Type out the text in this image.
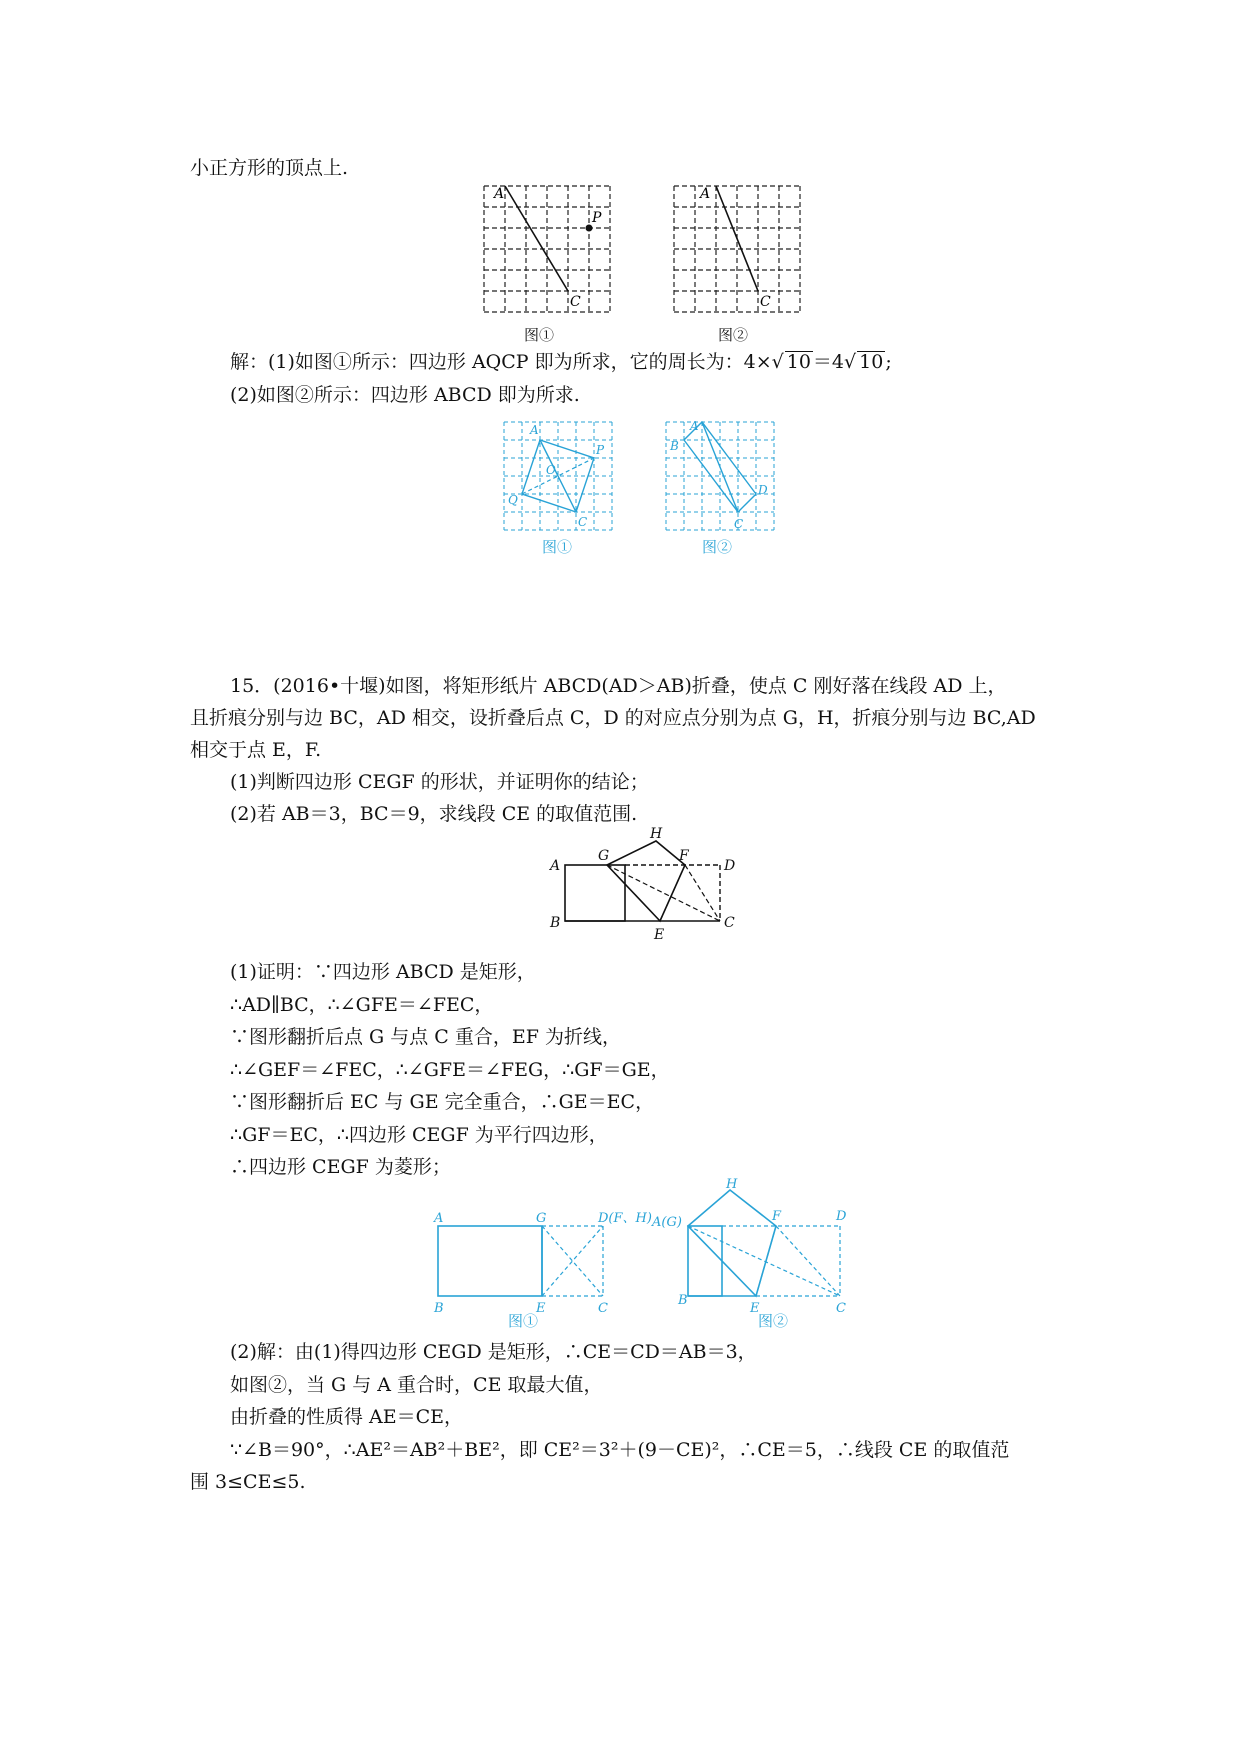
小正方形的顶点上.
A
P
C
图①
A
C
图②
解：(1)如图①所示：四边形 AQCP 即为所求，它的周长为：4×√ 10 ＝4√ 10 ;
(2)如图②所示：四边形 ABCD 即为所求.
A
P
O
Q
C
图①
A
B
D
C
图②
15．(2016•十堰)如图，将矩形纸片 ABCD(AD＞AB)折叠，使点 C 刚好落在线段 AD 上，
且折痕分别与边 BC，AD 相交，设折叠后点 C，D 的对应点分别为点 G，H，折痕分别与边 BC,AD
相交于点 E，F.
(1)判断四边形 CEGF 的形状，并证明你的结论；
(2)若 AB＝3，BC＝9，求线段 CE 的取值范围.
H
A
G	F
D
B
E
C
(1)证明：∵四边形 ABCD 是矩形，
∴AD∥BC，∴∠GFE＝∠FEC，
∵图形翻折后点 G 与点 C 重合，EF 为折线，
∴∠GEF＝∠FEC，∴∠GFE＝∠FEG，∴GF＝GE，
∵图形翻折后 EC 与 GE 完全重合，∴GE＝EC，
∴GF＝EC，∴四边形 CEGF 为平行四边形，
∴四边形 CEGF 为菱形；
A	G	D(F、H)
B	E	C
图①
H
A(G)	F	D
B
E	C
图②
(2)解：由(1)得四边形 CEGD 是矩形，∴CE＝CD＝AB＝3，
如图②，当 G 与 A 重合时，CE 取最大值，
由折叠的性质得 AE＝CE，
∵∠B＝90°，∴AE²＝AB²＋BE²，即 CE²＝3²＋(9－CE)²，∴CE＝5，∴线段 CE 的取值范
围 3≤CE≤5.
